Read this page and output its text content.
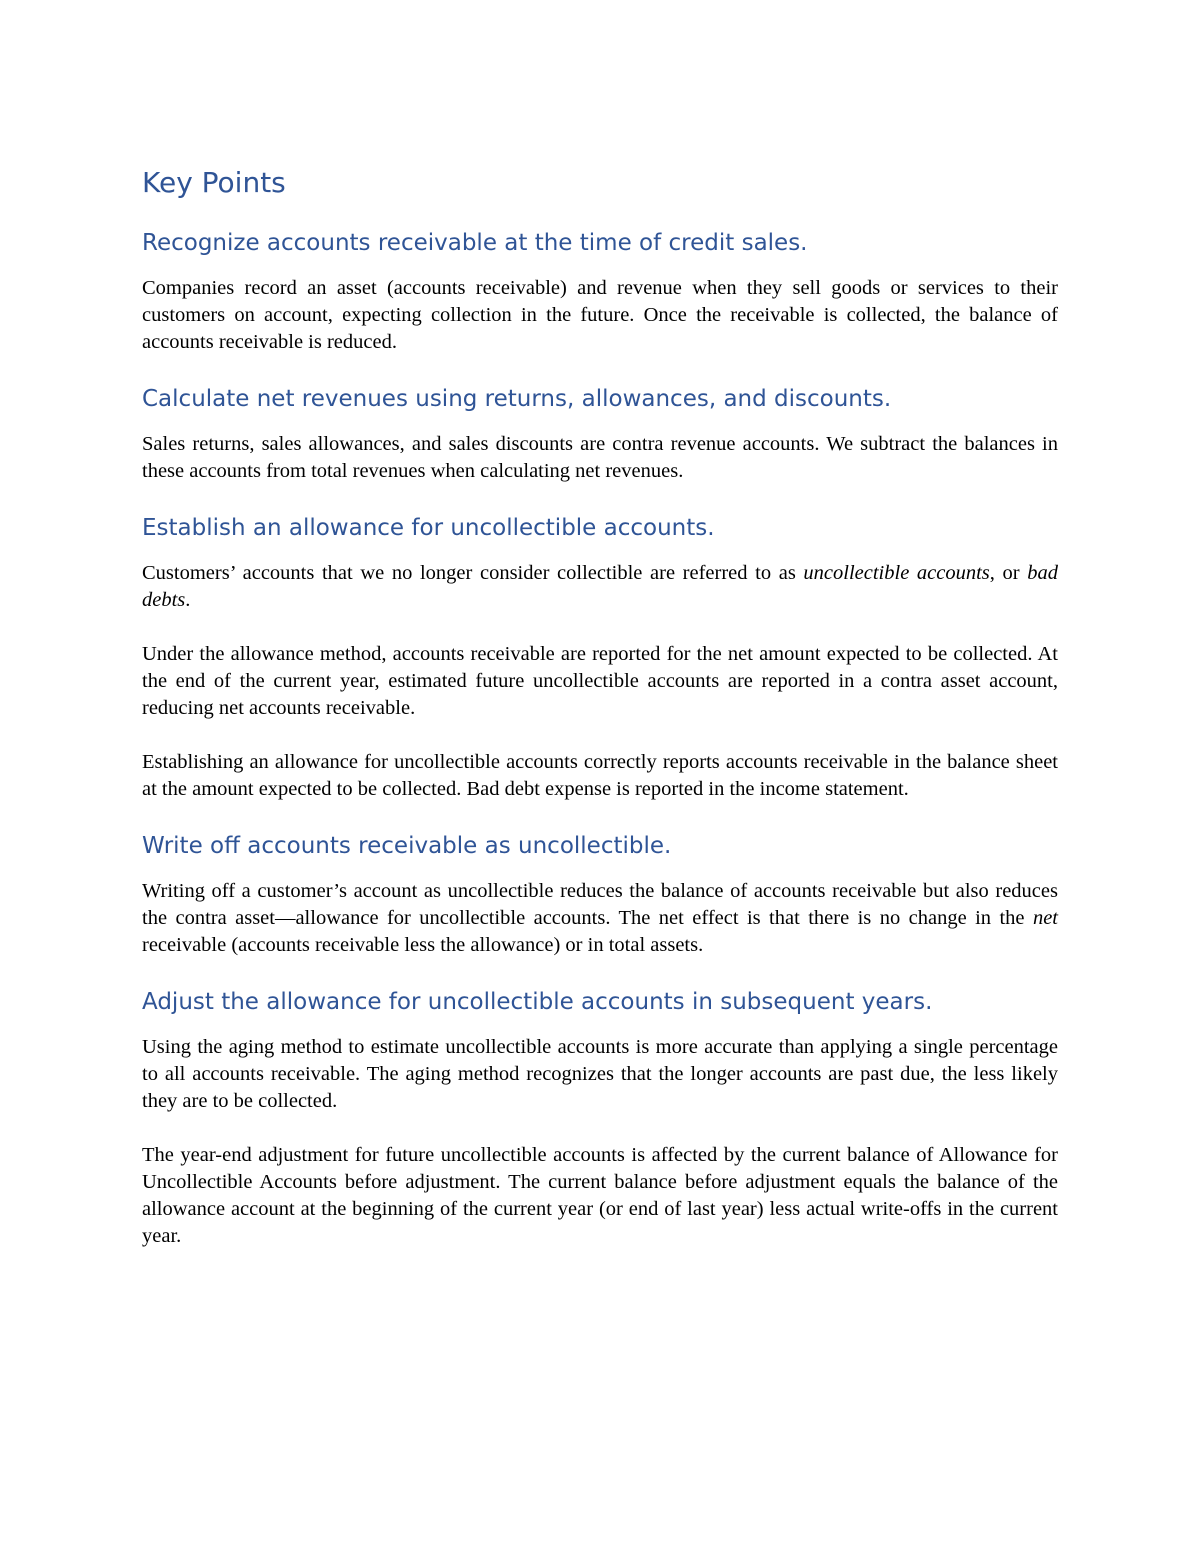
Key Points
Recognize accounts receivable at the time of credit sales.

Companies record an asset (accounts receivable) and revenue when they sell goods or services to their customers on account, expecting collection in the future. Once the receivable is collected, the balance of accounts receivable is reduced.

Calculate net revenues using returns, allowances, and discounts.

Sales returns, sales allowances, and sales discounts are contra revenue accounts. We subtract the balances in these accounts from total revenues when calculating net revenues.

Establish an allowance for uncollectible accounts.

Customers’ accounts that we no longer consider collectible are referred to as uncollectible accounts, or bad debts.

Under the allowance method, accounts receivable are reported for the net amount expected to be collected. At the end of the current year, estimated future uncollectible accounts are reported in a contra asset account, reducing net accounts receivable.

Establishing an allowance for uncollectible accounts correctly reports accounts receivable in the balance sheet at the amount expected to be collected. Bad debt expense is reported in the income statement.

Write off accounts receivable as uncollectible.

Writing off a customer’s account as uncollectible reduces the balance of accounts receivable but also reduces the contra asset—allowance for uncollectible accounts. The net effect is that there is no change in the net receivable (accounts receivable less the allowance) or in total assets.

Adjust the allowance for uncollectible accounts in subsequent years.

Using the aging method to estimate uncollectible accounts is more accurate than applying a single percentage to all accounts receivable. The aging method recognizes that the longer accounts are past due, the less likely they are to be collected.

The year-end adjustment for future uncollectible accounts is affected by the current balance of Allowance for Uncollectible Accounts before adjustment. The current balance before adjustment equals the balance of the allowance account at the beginning of the current year (or end of last year) less actual write-offs in the current year.
